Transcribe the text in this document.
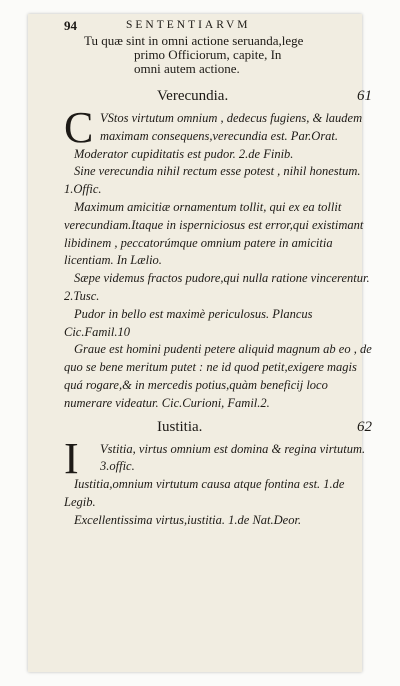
94	SENTENTIARVM
Tu quæ sint in omni actione seruanda,lege
primo Officiorum, capite, In
omni autem actione.
Verecundia.	61
C VStos virtutum omnium , dedecus fugiens, & laudem maximam consequens,verecundia est. Par.Orat.
Moderator cupiditatis est pudor. 2.de Finib.
Sine verecundia nihil rectum esse potest , nihil honestum. 1.Offic.
Maximum amicitiæ ornamentum tollit, qui ex ea tollit verecundiam.Itaque in isperniciosus est error,qui existimant libidinem , peccatorúmque omnium patere in amicitia licentiam. In Lælio.
Sæpe videmus fractos pudore,qui nulla ratione vincerentur. 2.Tusc.
Pudor in bello est maximè periculosus. Plancus Cic.Famil.10
Graue est homini pudenti petere aliquid magnum ab eo , de quo se bene meritum putet : ne id quod petit,exigere magis quá rogare,& in mercedis potius,quàm beneficij loco numerare videatur. Cic.Curioni, Famil.2.
Iustitia.	62
I Vstitia, virtus omnium est domina & regina virtutum. 3.offic.
Iustitia,omnium virtutum causa atque fontina est. 1.de Legib.
Excellentissima virtus,iustitia. 1.de Nat.Deor.
